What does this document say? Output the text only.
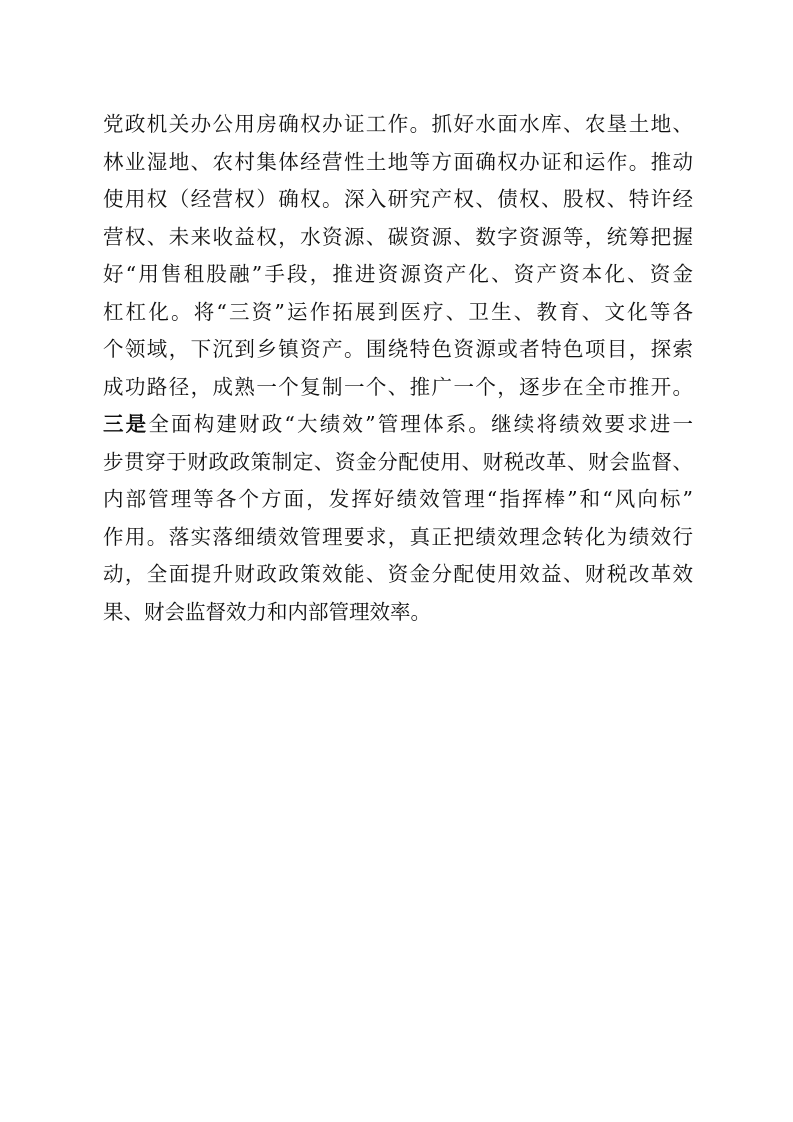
党政机关办公用房确权办证工作。抓好水面水库、农垦土地、
林业湿地、农村集体经营性土地等方面确权办证和运作。推动
使用权（经营权）确权。深入研究产权、债权、股权、特许经
营权、未来收益权，水资源、碳资源、数字资源等，统筹把握
好“用售租股融”手段，推进资源资产化、资产资本化、资金
杠杠化。将“三资”运作拓展到医疗、卫生、教育、文化等各
个领域，下沉到乡镇资产。围绕特色资源或者特色项目，探索
成功路径，成熟一个复制一个、推广一个，逐步在全市推开。
三是全面构建财政“大绩效”管理体系。继续将绩效要求进一
步贯穿于财政政策制定、资金分配使用、财税改革、财会监督、
内部管理等各个方面，发挥好绩效管理“指挥棒”和“风向标”
作用。落实落细绩效管理要求，真正把绩效理念转化为绩效行
动，全面提升财政政策效能、资金分配使用效益、财税改革效
果、财会监督效力和内部管理效率。
